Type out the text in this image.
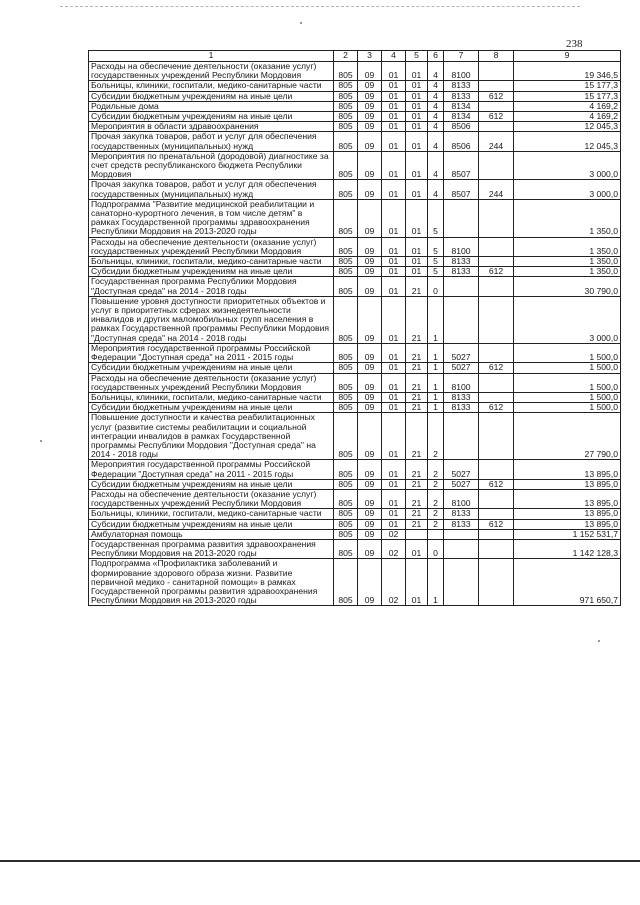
238
1	2	3	4	5	6	7	8	9
Расходы на обеспечение деятельности (оказание услуг) государственных учреждений Республики Мордовия	805	09	01	01	4	8100		19 346,5
Больницы, клиники, госпитали, медико-санитарные части	805	09	01	01	4	8133		15 177,3
Субсидии бюджетным учреждениям на иные цели	805	09	01	01	4	8133	612	15 177,3
Родильные дома	805	09	01	01	4	8134		4 169,2
Субсидии бюджетным учреждениям на иные цели	805	09	01	01	4	8134	612	4 169,2
Мероприятия в области здравоохранения	805	09	01	01	4	8506		12 045,3
Прочая закупка товаров, работ и услуг для обеспечения государственных (муниципальных) нужд	805	09	01	01	4	8506	244	12 045,3
Мероприятия по пренатальной (дородовой) диагностике за счет средств республиканского бюджета Республики Мордовия	805	09	01	01	4	8507		3 000,0
Прочая закупка товаров, работ и услуг для обеспечения государственных (муниципальных) нужд	805	09	01	01	4	8507	244	3 000,0
Подпрограмма "Развитие медицинской реабилитации и санаторно-курортного лечения, в том числе детям" в рамках Государственной программы здравоохранения Республики Мордовия на 2013-2020 годы	805	09	01	01	5			1 350,0
Расходы на обеспечение деятельности (оказание услуг) государственных учреждений Республики Мордовия	805	09	01	01	5	8100		1 350,0
Больницы, клиники, госпитали, медико-санитарные части	805	09	01	01	5	8133		1 350,0
Субсидии бюджетным учреждениям на иные цели	805	09	01	01	5	8133	612	1 350,0
Государственная программа Республики Мордовия "Доступная среда" на 2014 - 2018 годы	805	09	01	21	0			30 790,0
Повышение уровня доступности приоритетных объектов и услуг в приоритетных сферах жизнедеятельности инвалидов и других маломобильных групп населения в рамках Государственной программы Республики Мордовия "Доступная среда" на 2014 - 2018 годы	805	09	01	21	1			3 000,0
Мероприятия государственной программы Российской Федерации "Доступная среда" на 2011 - 2015 годы	805	09	01	21	1	5027		1 500,0
Субсидии бюджетным учреждениям на иные цели	805	09	01	21	1	5027	612	1 500,0
Расходы на обеспечение деятельности (оказание услуг) государственных учреждений Республики Мордовия	805	09	01	21	1	8100		1 500,0
Больницы, клиники, госпитали, медико-санитарные части	805	09	01	21	1	8133		1 500,0
Субсидии бюджетным учреждениям на иные цели	805	09	01	21	1	8133	612	1 500,0
Повышение доступности и качества реабилитационных услуг (развитие системы реабилитации и социальной интеграции инвалидов в рамках Государственной программы Республики Мордовия "Доступная среда" на 2014 - 2018 годы	805	09	01	21	2			27 790,0
Мероприятия государственной программы Российской Федерации "Доступная среда" на 2011 - 2015 годы	805	09	01	21	2	5027		13 895,0
Субсидии бюджетным учреждениям на иные цели	805	09	01	21	2	5027	612	13 895,0
Расходы на обеспечение деятельности (оказание услуг) государственных учреждений Республики Мордовия	805	09	01	21	2	8100		13 895,0
Больницы, клиники, госпитали, медико-санитарные части	805	09	01	21	2	8133		13 895,0
Субсидии бюджетным учреждениям на иные цели	805	09	01	21	2	8133	612	13 895,0
Амбулаторная помощь	805	09	02					1 152 531,7
Государственная программа развития здравоохранения Республики Мордовия на 2013-2020 годы	805	09	02	01	0			1 142 128,3
Подпрограмма «Профилактика заболеваний и формирование здорового образа жизни. Развитие первичной медико - санитарной помощи» в рамках Государственной программы развития здравоохранения Республики Мордовия на 2013-2020 годы	805	09	02	01	1			971 650,7
